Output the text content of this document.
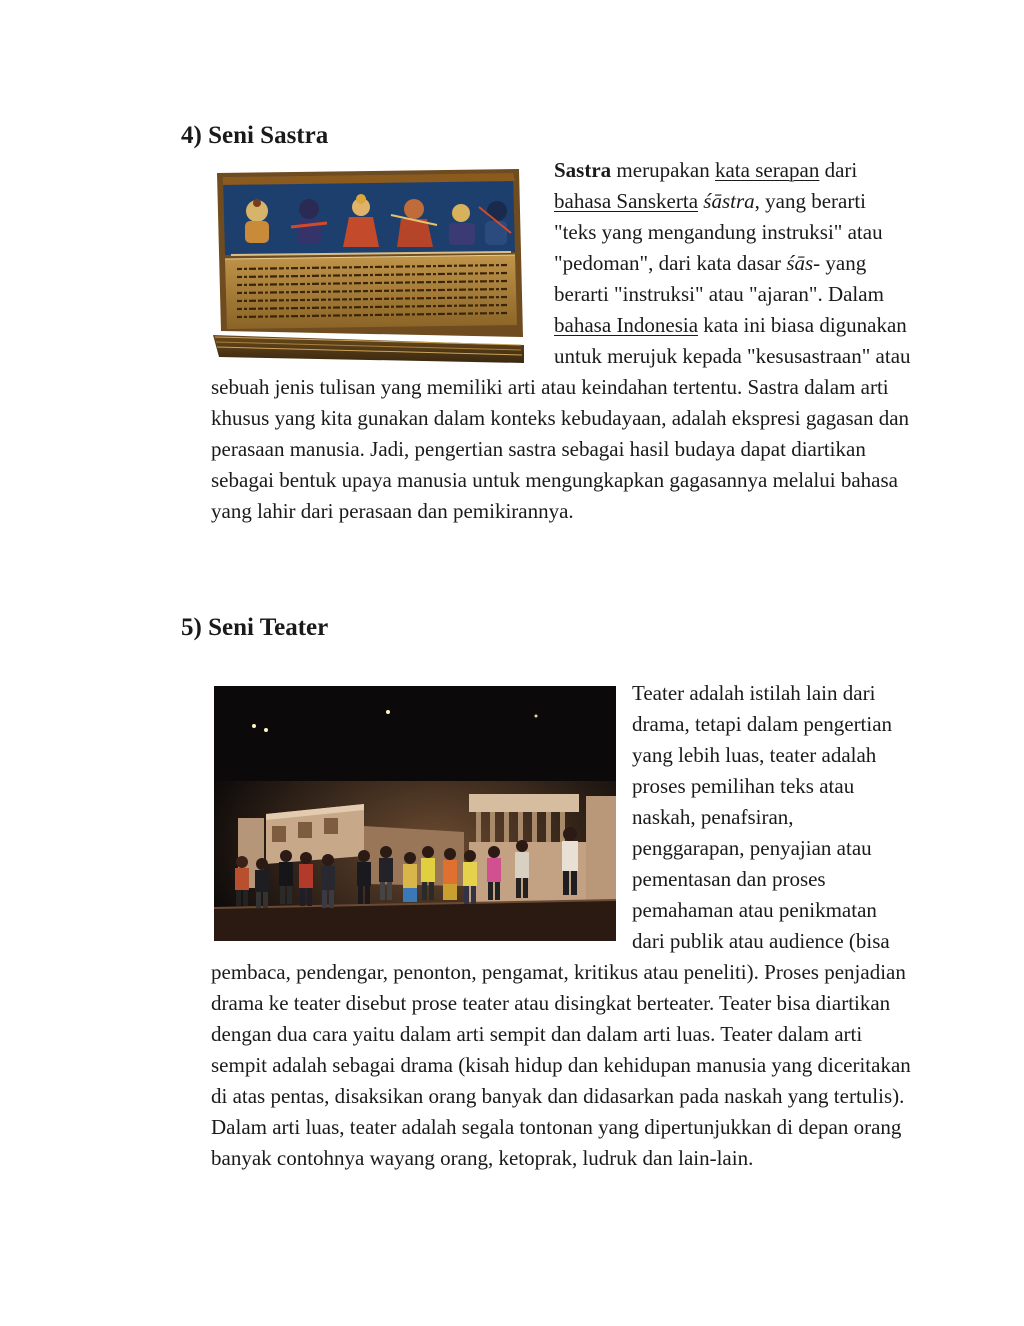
4) Seni Sastra

Sastra merupakan kata serapan dari bahasa Sanskerta śāstra, yang berarti "teks yang mengandung instruksi" atau "pedoman", dari kata dasar śās- yang berarti "instruksi" atau "ajaran". Dalam bahasa Indonesia kata ini biasa digunakan untuk merujuk kepada "kesusastraan" atau sebuah jenis tulisan yang memiliki arti atau keindahan tertentu. Sastra dalam arti khusus yang kita gunakan dalam konteks kebudayaan, adalah ekspresi gagasan dan perasaan manusia. Jadi, pengertian sastra sebagai hasil budaya dapat diartikan sebagai bentuk upaya manusia untuk mengungkapkan gagasannya melalui bahasa yang lahir dari perasaan dan pemikirannya.

5) Seni Teater

Teater adalah istilah lain dari drama, tetapi dalam pengertian yang lebih luas, teater adalah proses pemilihan teks atau naskah, penafsiran, penggarapan, penyajian atau pementasan dan proses pemahaman atau penikmatan dari publik atau audience (bisa pembaca, pendengar, penonton, pengamat, kritikus atau peneliti). Proses penjadian drama ke teater disebut prose teater atau disingkat berteater. Teater bisa diartikan dengan dua cara yaitu dalam arti sempit dan dalam arti luas. Teater dalam arti sempit adalah sebagai drama (kisah hidup dan kehidupan manusia yang diceritakan di atas pentas, disaksikan orang banyak dan didasarkan pada naskah yang tertulis). Dalam arti luas, teater adalah segala tontonan yang dipertunjukkan di depan orang banyak contohnya wayang orang, ketoprak, ludruk dan lain-lain.
